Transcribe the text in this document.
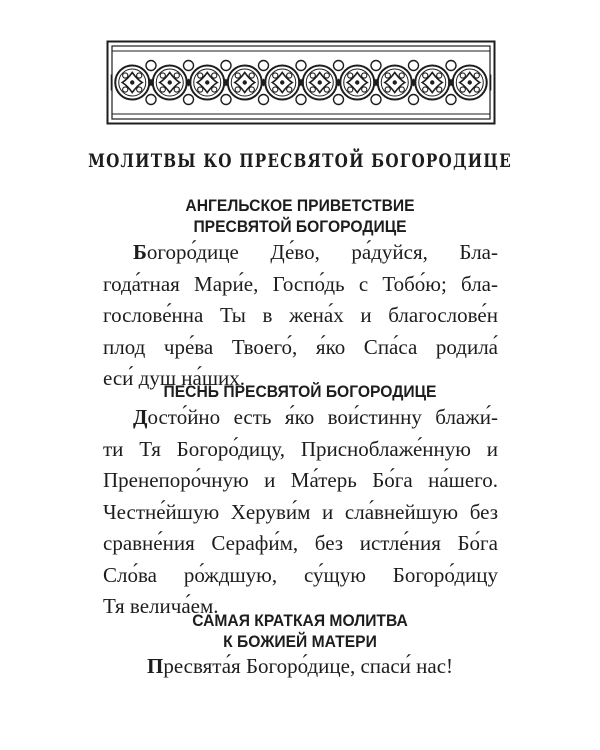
МОЛИТВЫ КО ПРЕСВЯТОЙ БОГОРОДИЦЕ
АНГЕЛЬСКОЕ ПРИВЕТСТВИЕ
ПРЕСВЯТОЙ БОГОРОДИЦЕ
Богоро́дице Де́во, ра́дуйся, Бла-
года́тная Мари́е, Госпо́дь с Тобо́ю; бла-
гослове́нна Ты в жена́х и благослове́н
плод чре́ва Твоего́, я́ко Спа́са родила́
еси́ душ на́ших.
ПЕСНЬ ПРЕСВЯТОЙ БОГОРОДИЦЕ
Досто́йно есть я́ко вои́стинну блажи́-
ти Тя Богоро́дицу, Присноблаже́нную и
Пренепоро́чную и Ма́терь Бо́га на́шего.
Честне́йшую Херуви́м и сла́внейшую без
сравне́ния Серафи́м, без истле́ния Бо́га
Сло́ва ро́ждшую, су́щую Богоро́дицу
Тя велича́ем.
САМАЯ КРАТКАЯ МОЛИТВА
К БОЖИЕЙ МАТЕРИ
Пресвята́я Богоро́дице, спаси́ нас!
